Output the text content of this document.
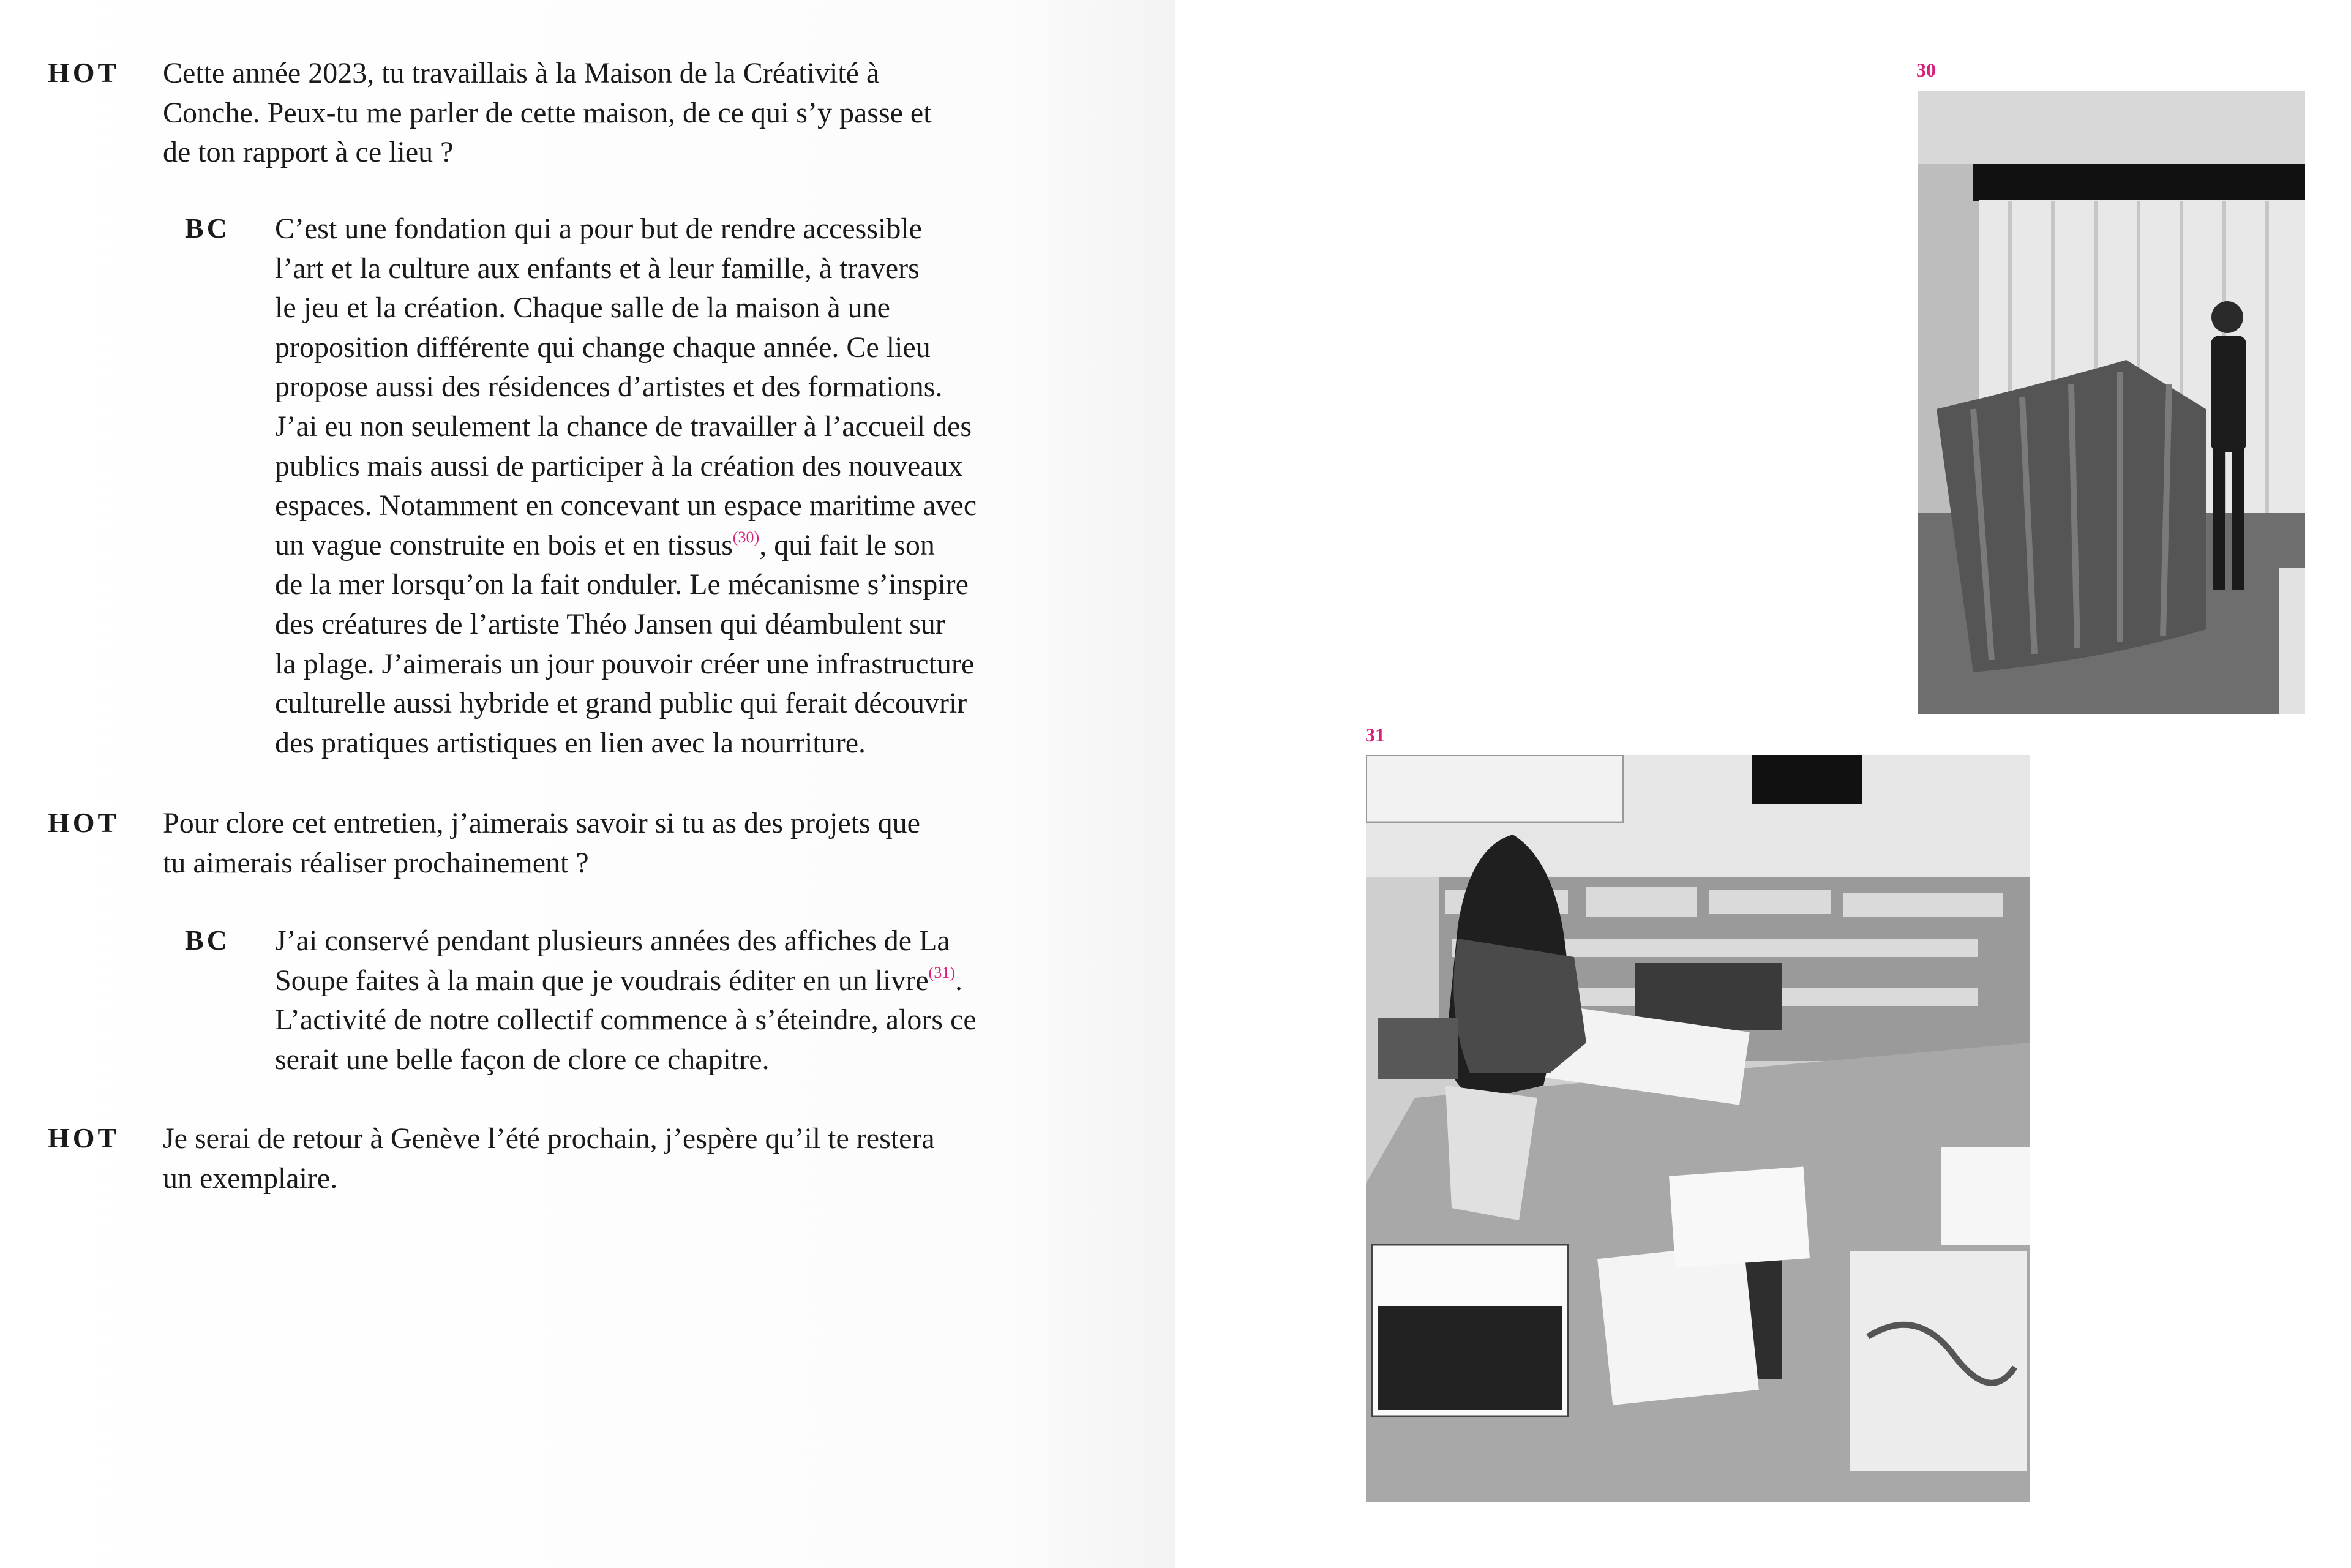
HOT Cette année 2023, tu travaillais à la Maison de la Créativité à
Conche. Peux-tu me parler de cette maison, de ce qui s’y passe et
de ton rapport à ce lieu ?
BC C’est une fondation qui a pour but de rendre accessible
l’art et la culture aux enfants et à leur famille, à travers
le jeu et la création. Chaque salle de la maison à une
proposition différente qui change chaque année. Ce lieu
propose aussi des résidences d’artistes et des formations.
J’ai eu non seulement la chance de travailler à l’accueil des
publics mais aussi de participer à la création des nouveaux
espaces. Notamment en concevant un espace maritime avec
un vague construite en bois et en tissus$^{(30)}$, qui fait le son
de la mer lorsqu’on la fait onduler. Le mécanisme s’inspire
des créatures de l’artiste Théo Jansen qui déambulent sur
la plage. J’aimerais un jour pouvoir créer une infrastructure
culturelle aussi hybride et grand public qui ferait découvrir
des pratiques artistiques en lien avec la nourriture.
HOT Pour clore cet entretien, j’aimerais savoir si tu as des projets que
tu aimerais réaliser prochainement ?
BC J’ai conservé pendant plusieurs années des affiches de La
Soupe faites à la main que je voudrais éditer en un livre$^{(31)}$.
L’activité de notre collectif commence à s’éteindre, alors ce
serait une belle façon de clore ce chapitre.
HOT Je serai de retour à Genève l’été prochain, j’espère qu’il te restera
un exemplaire.
30
31
